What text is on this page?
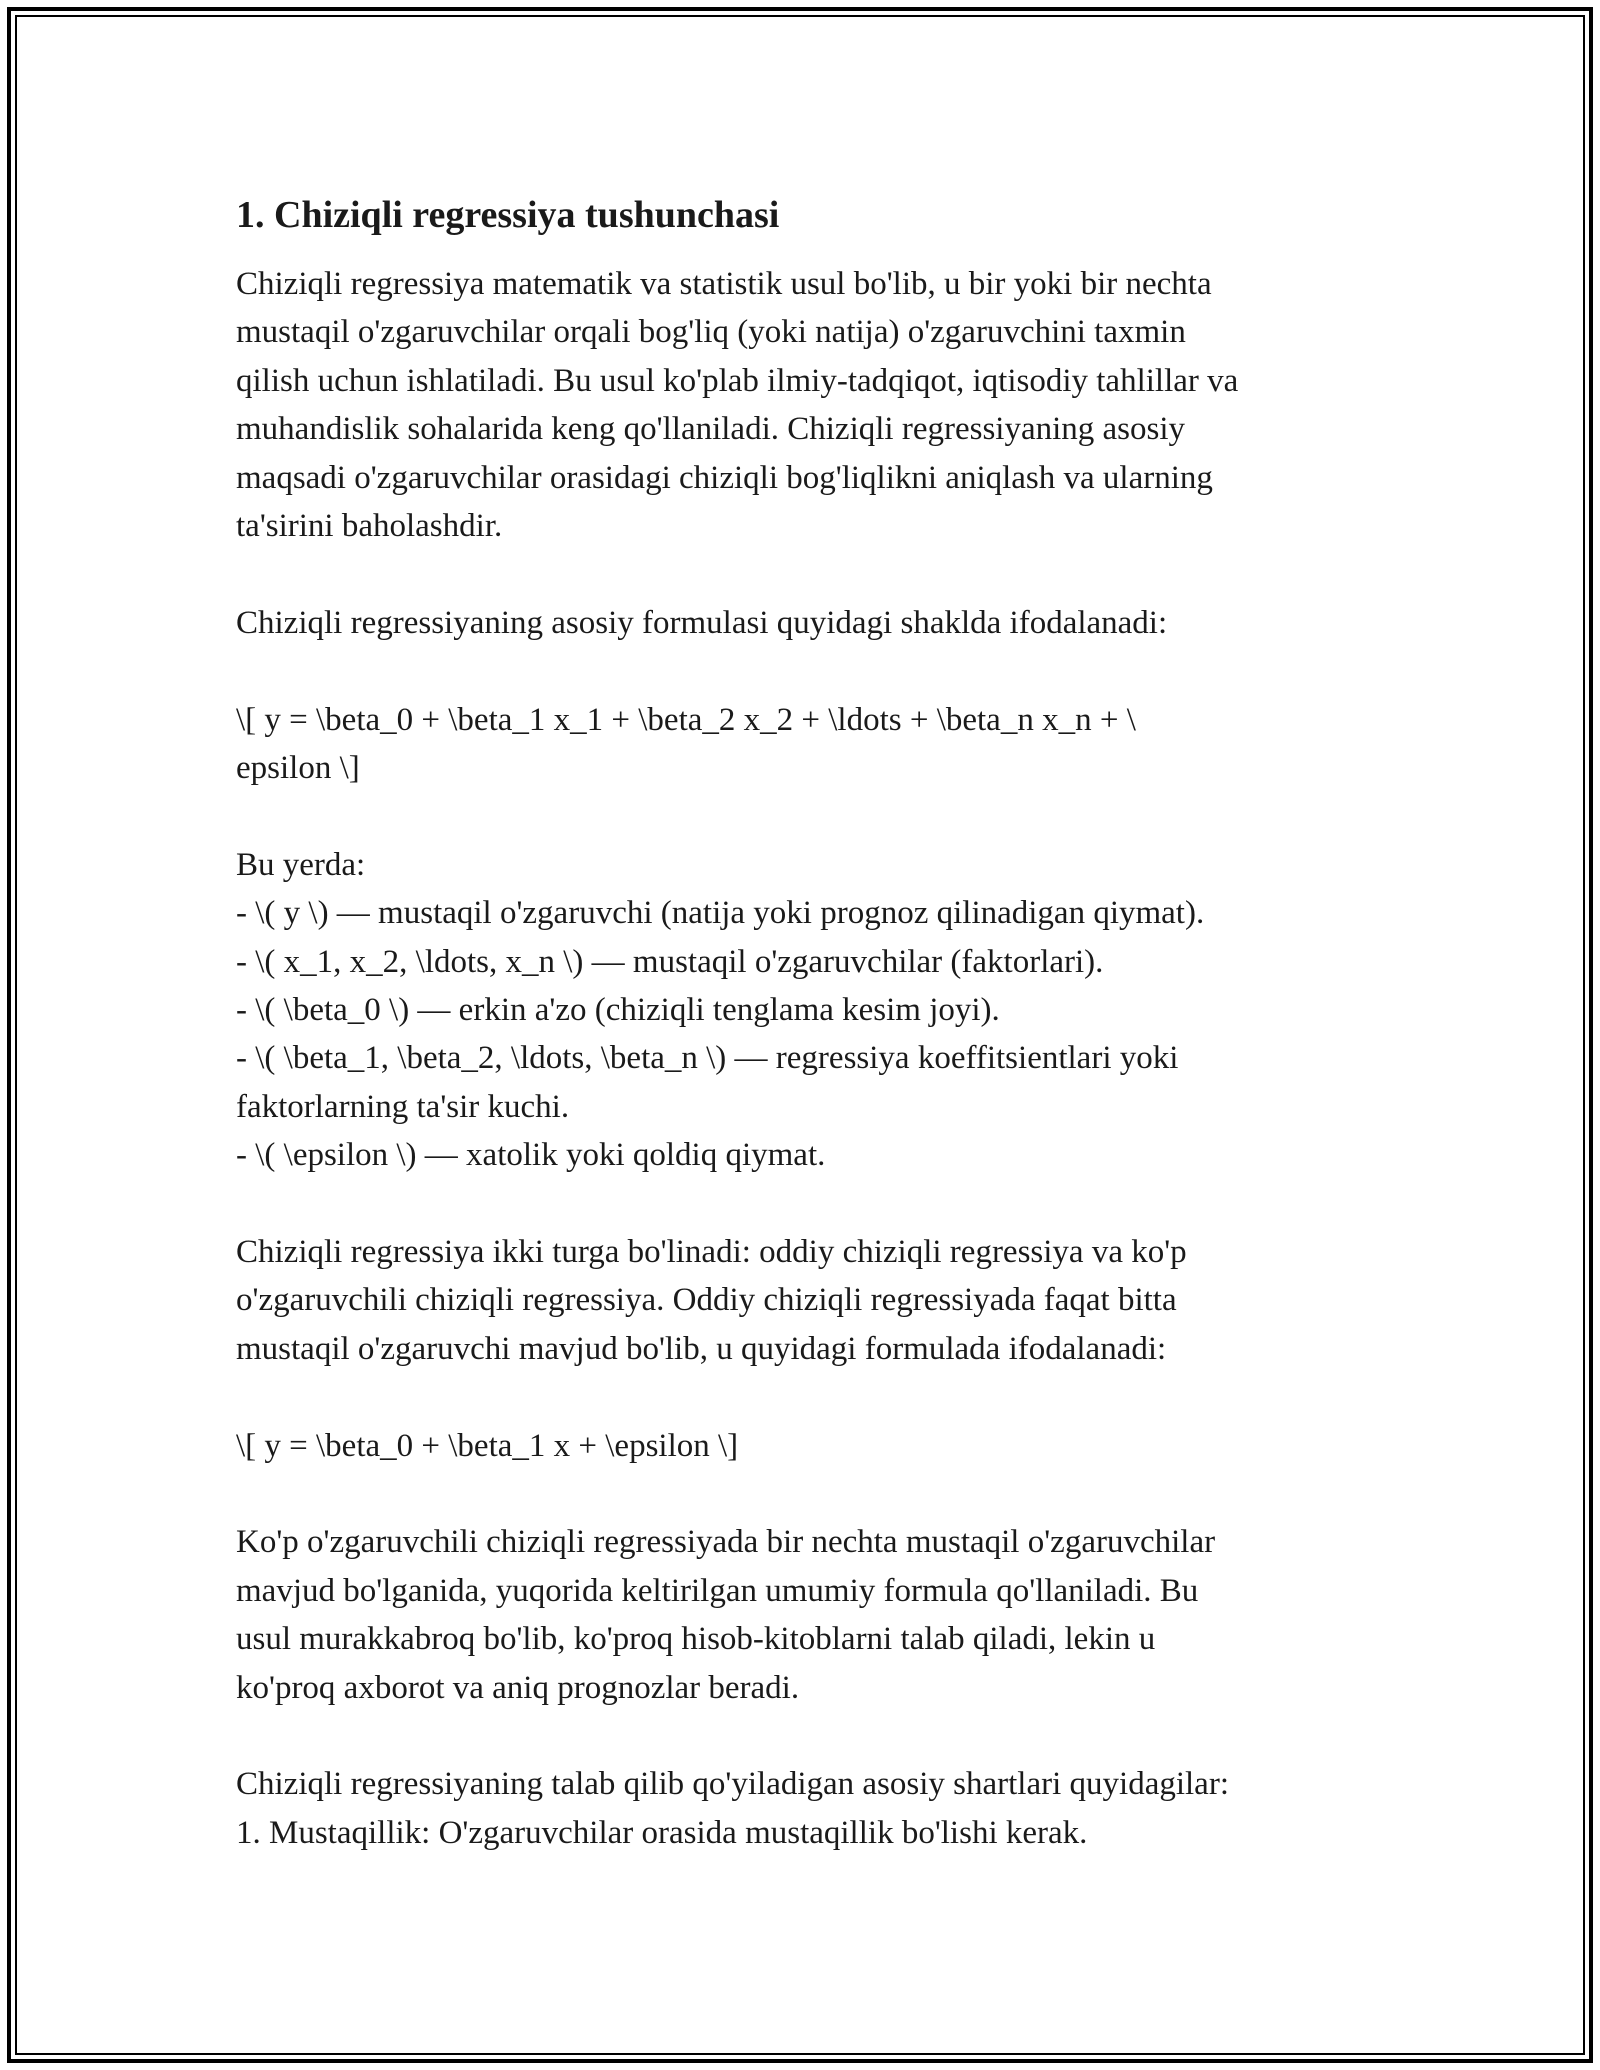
1. Chiziqli regressiya tushunchasi

Chiziqli regressiya matematik va statistik usul bo'lib, u bir yoki bir nechta
mustaqil o'zgaruvchilar orqali bog'liq (yoki natija) o'zgaruvchini taxmin
qilish uchun ishlatiladi. Bu usul ko'plab ilmiy-tadqiqot, iqtisodiy tahlillar va
muhandislik sohalarida keng qo'llaniladi. Chiziqli regressiyaning asosiy
maqsadi o'zgaruvchilar orasidagi chiziqli bog'liqlikni aniqlash va ularning
ta'sirini baholashdir.

Chiziqli regressiyaning asosiy formulasi quyidagi shaklda ifodalanadi:

\[ y = \beta_0 + \beta_1 x_1 + \beta_2 x_2 + \ldots + \beta_n x_n + \
epsilon \]

Bu yerda:

- \( y \) — mustaqil o'zgaruvchi (natija yoki prognoz qilinadigan qiymat).

- \( x_1, x_2, \ldots, x_n \) — mustaqil o'zgaruvchilar (faktorlari).

- \( \beta_0 \) — erkin a'zo (chiziqli tenglama kesim joyi).

- \( \beta_1, \beta_2, \ldots, \beta_n \) — regressiya koeffitsientlari yoki
faktorlarning ta'sir kuchi.

- \( \epsilon \) — xatolik yoki qoldiq qiymat.

Chiziqli regressiya ikki turga bo'linadi: oddiy chiziqli regressiya va ko'p
o'zgaruvchili chiziqli regressiya. Oddiy chiziqli regressiyada faqat bitta
mustaqil o'zgaruvchi mavjud bo'lib, u quyidagi formulada ifodalanadi:

\[ y = \beta_0 + \beta_1 x + \epsilon \]

Ko'p o'zgaruvchili chiziqli regressiyada bir nechta mustaqil o'zgaruvchilar
mavjud bo'lganida, yuqorida keltirilgan umumiy formula qo'llaniladi. Bu
usul murakkabroq bo'lib, ko'proq hisob-kitoblarni talab qiladi, lekin u
ko'proq axborot va aniq prognozlar beradi.

Chiziqli regressiyaning talab qilib qo'yiladigan asosiy shartlari quyidagilar:

1. Mustaqillik: O'zgaruvchilar orasida mustaqillik bo'lishi kerak.
